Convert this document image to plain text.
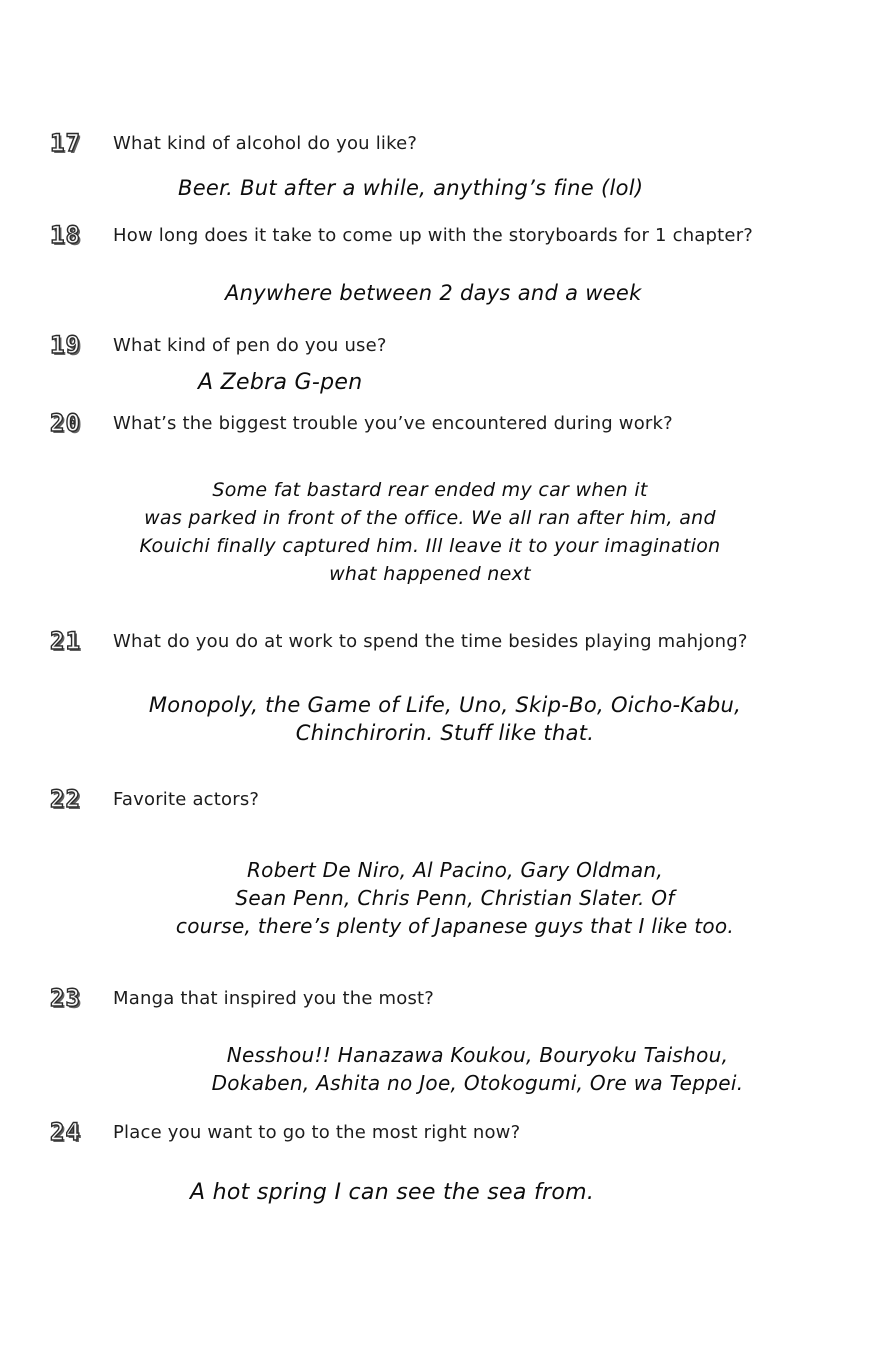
17 What kind of alcohol do you like?
Beer. But after a while, anything’s fine (lol)
18 How long does it take to come up with the storyboards for 1 chapter?
Anywhere between 2 days and a week
19 What kind of pen do you use?
A Zebra G-pen
20 What’s the biggest trouble you’ve encountered during work?
Some fat bastard rear ended my car when it
was parked in front of the office. We all ran after him, and
Kouichi finally captured him. Ill leave it to your imagination
what happened next
21 What do you do at work to spend the time besides playing mahjong?
Monopoly, the Game of Life, Uno, Skip-Bo, Oicho-Kabu,
Chinchirorin. Stuff like that.
22 Favorite actors?
Robert De Niro, Al Pacino, Gary Oldman,
Sean Penn, Chris Penn, Christian Slater. Of
course, there’s plenty of Japanese guys that I like too.
23 Manga that inspired you the most?
Nesshou!! Hanazawa Koukou, Bouryoku Taishou,
Dokaben, Ashita no Joe, Otokogumi, Ore wa Teppei.
24 Place you want to go to the most right now?
A hot spring I can see the sea from.
